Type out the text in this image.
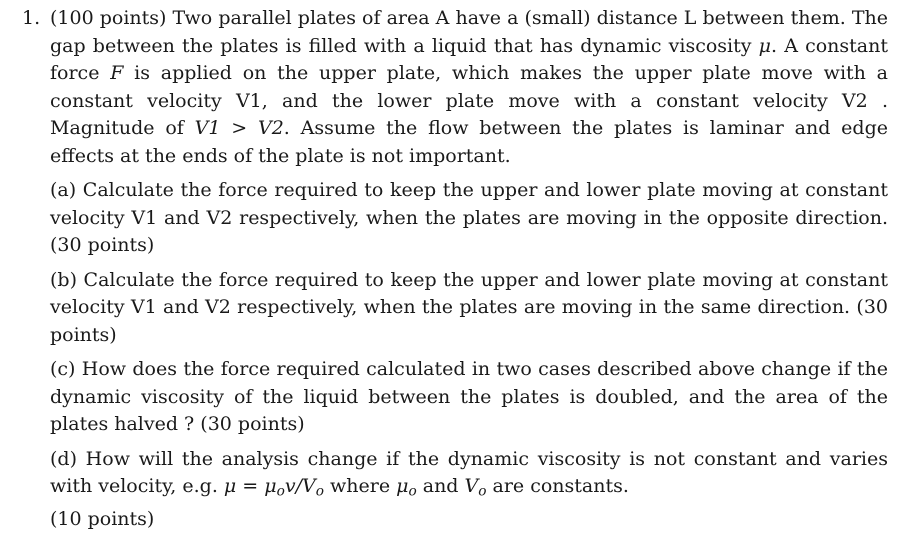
1. (100 points) Two parallel plates of area A have a (small) distance L between them. The gap between the plates is filled with a liquid that has dynamic viscosity μ. A constant force F is applied on the upper plate, which makes the upper plate move with a constant velocity V1, and the lower plate move with a constant velocity V2 . Magnitude of V1 > V2. Assume the flow between the plates is laminar and edge effects at the ends of the plate is not important.
(a) Calculate the force required to keep the upper and lower plate moving at constant velocity V1 and V2 respectively, when the plates are moving in the opposite direction. (30 points)
(b) Calculate the force required to keep the upper and lower plate moving at constant velocity V1 and V2 respectively, when the plates are moving in the same direction. (30 points)
(c) How does the force required calculated in two cases described above change if the dynamic viscosity of the liquid between the plates is doubled, and the area of the plates halved ? (30 points)
(d) How will the analysis change if the dynamic viscosity is not constant and varies with velocity, e.g. $\mu = \mu_ov/V_o$ where $\mu_o$ and $V_o$ are constants.
(10 points)
